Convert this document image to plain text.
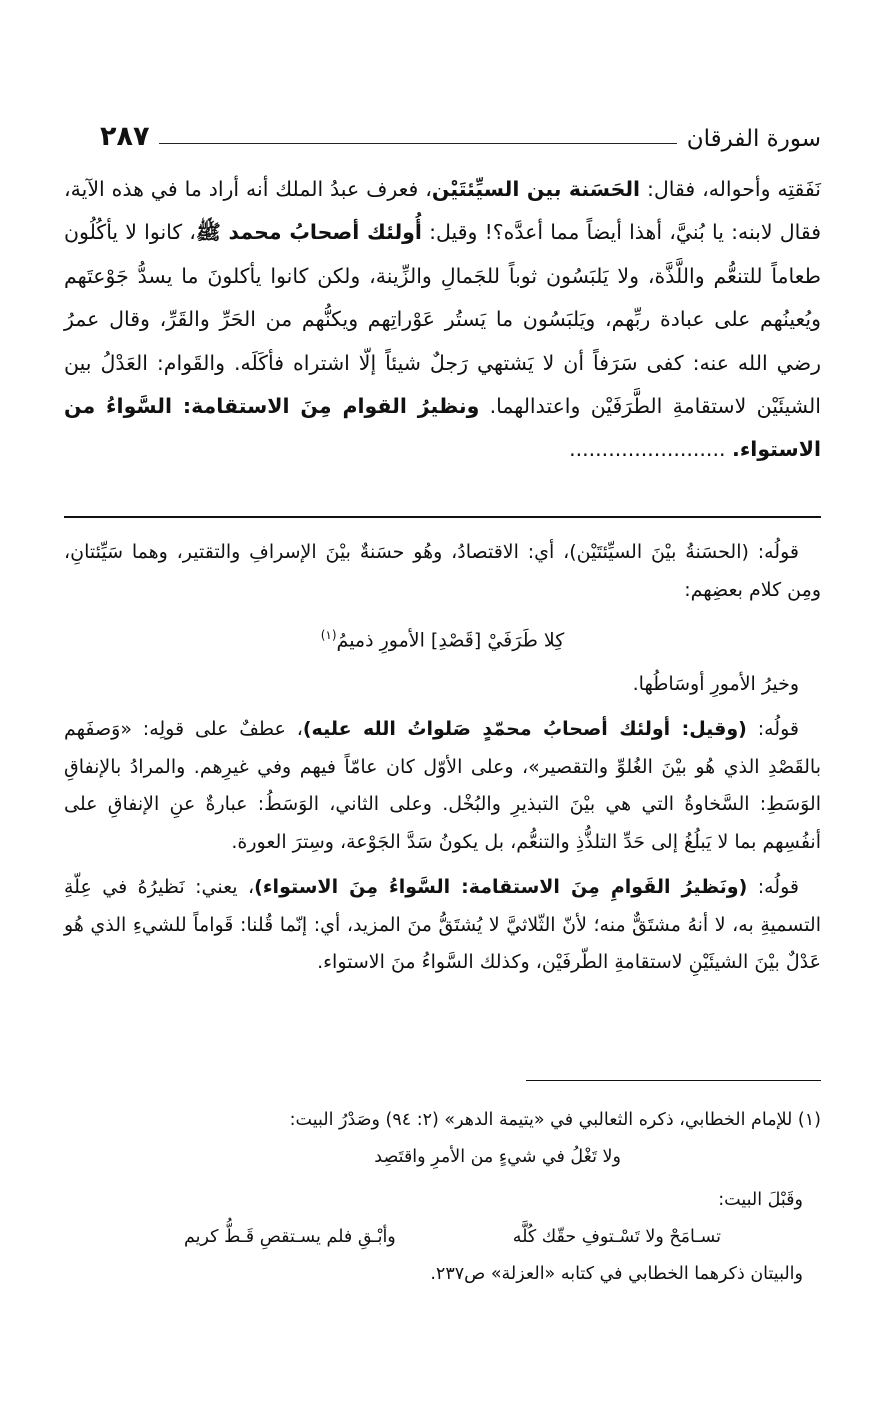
سورة الفرقان
٢٨٧

نَفَقتِه وأحواله، فقال: الحَسَنة بين السيِّئتَيْن، فعرف عبدُ الملك أنه أراد ما في هذه الآية، فقال لابنه: يا بُنيَّ، أهذا أيضاً مما أعدَّه؟! وقيل: أُولئك أصحابُ محمد ﷺ، كانوا لا يأكُلُون طعاماً للتنعُّم واللَّذَّة، ولا يَلبَسُون ثوباً للجَمالِ والزِّينة، ولكن كانوا يأكلونَ ما يسدُّ جَوْعتَهم ويُعينُهم على عبادة ربِّهم، ويَلبَسُون ما يَستُر عَوْراتِهم ويكنُّهم من الحَرِّ والقَرِّ، وقال عمرُ رضي الله عنه: كفى سَرَفاً أن لا يَشتهي رَجلٌ شيئاً إلّا اشتراه فأكَلَه. والقَوام: العَدْلُ بين الشيئَيْن لاستقامةِ الطَّرَفَيْن واعتدالهما. ونظيرُ القوام مِنَ الاستقامة: السَّواءُ من الاستواء. ........................

قولُه: (الحسَنةُ بيْنَ السيِّئتَيْن)، أي: الاقتصادُ، وهُو حسَنةٌ بيْنَ الإسرافِ والتقتير، وهما سَيِّئتانِ، ومِن كلام بعضِهم:

كِلا طَرَفَيْ [قَصْدِ] الأمورِ ذميمُ$^{(١)}$

وخيرُ الأمورِ أوسَاطُها.

قولُه: (وقيل: أولئك أصحابُ محمّدٍ صَلواتُ الله عليه)، عطفٌ على قولِه: «وَصفَهم بالقَصْدِ الذي هُو بيْنَ الغُلوِّ والتقصير»، وعلى الأوّل كان عامّاً فيهم وفي غيرِهم. والمرادُ بالإنفاقِ الوَسَطِ: السَّخاوةُ التي هي بيْنَ التبذيرِ والبُخْل. وعلى الثاني، الوَسَطُ: عبارةٌ عنِ الإنفاقِ على أنفُسِهم بما لا يَبلُغُ إلى حَدِّ التلذُّذِ والتنعُّم، بل يكونُ سَدَّ الجَوْعة، وسِترَ العورة.

قولُه: (ونَظيرُ القَوامِ مِنَ الاستقامة: السَّواءُ مِنَ الاستواء)، يعني: نَظيرُهُ في عِلّةِ التسميةِ به، لا أنهُ مشتَقٌّ منه؛ لأنّ الثّلاثيَّ لا يُشتَقُّ منَ المزيد، أي: إنّما قُلنا: قَواماً للشيءِ الذي هُو عَدْلٌ بيْنَ الشيئَيْنِ لاستقامةِ الطّرفَيْن، وكذلك السَّواءُ منَ الاستواء.

(١) للإمام الخطابي، ذكره الثعالبي في «يتيمة الدهر» (٢: ٩٤) وصَدْرُ البيت:

ولا تَغْلُ في شيءٍ من الأمرِ واقتَصِد

وقَبْلَ البيت:

تسـامَحْ ولا تَسْـتوفِ حقّك كُلَّه
وأبْـقِ فلم يسـتقصِ قَـطُّ كريم

والبيتان ذكرهما الخطابي في كتابه «العزلة» ص٢٣٧.
